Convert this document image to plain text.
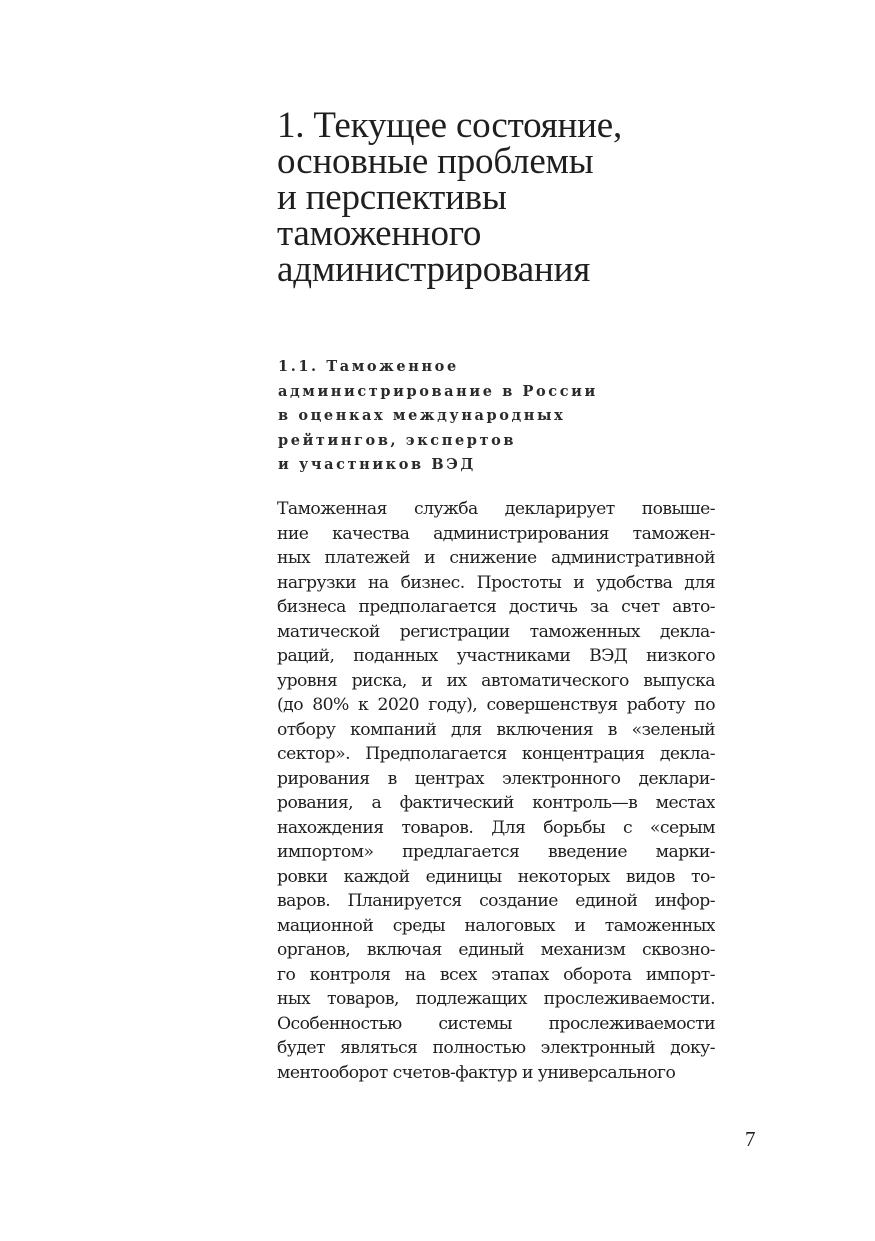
1. Текущее состояние,
основные проблемы
и перспективы
таможенного
администрирования
1.1. Таможенное
администрирование в России
в оценках международных
рейтингов, экспертов
и участников ВЭД
Таможенная служба декларирует повыше-
ние качества администрирования таможен-
ных платежей и снижение административной
нагрузки на бизнес. Простоты и удобства для
бизнеса предполагается достичь за счет авто-
матической регистрации таможенных декла-
раций, поданных участниками ВЭД низкого
уровня риска, и их автоматического выпуска
(до 80% к 2020 году), совершенствуя работу по
отбору компаний для включения в «зеленый
сектор». Предполагается концентрация декла-
рирования в центрах электронного деклари-
рования, а фактический контроль—в местах
нахождения товаров. Для борьбы с «серым
импортом» предлагается введение марки-
ровки каждой единицы некоторых видов то-
варов. Планируется создание единой инфор-
мационной среды налоговых и таможенных
органов, включая единый механизм сквозно-
го контроля на всех этапах оборота импорт-
ных товаров, подлежащих прослеживаемости.
Особенностью системы прослеживаемости
будет являться полностью электронный доку-
ментооборот счетов-фактур и универсального
7
